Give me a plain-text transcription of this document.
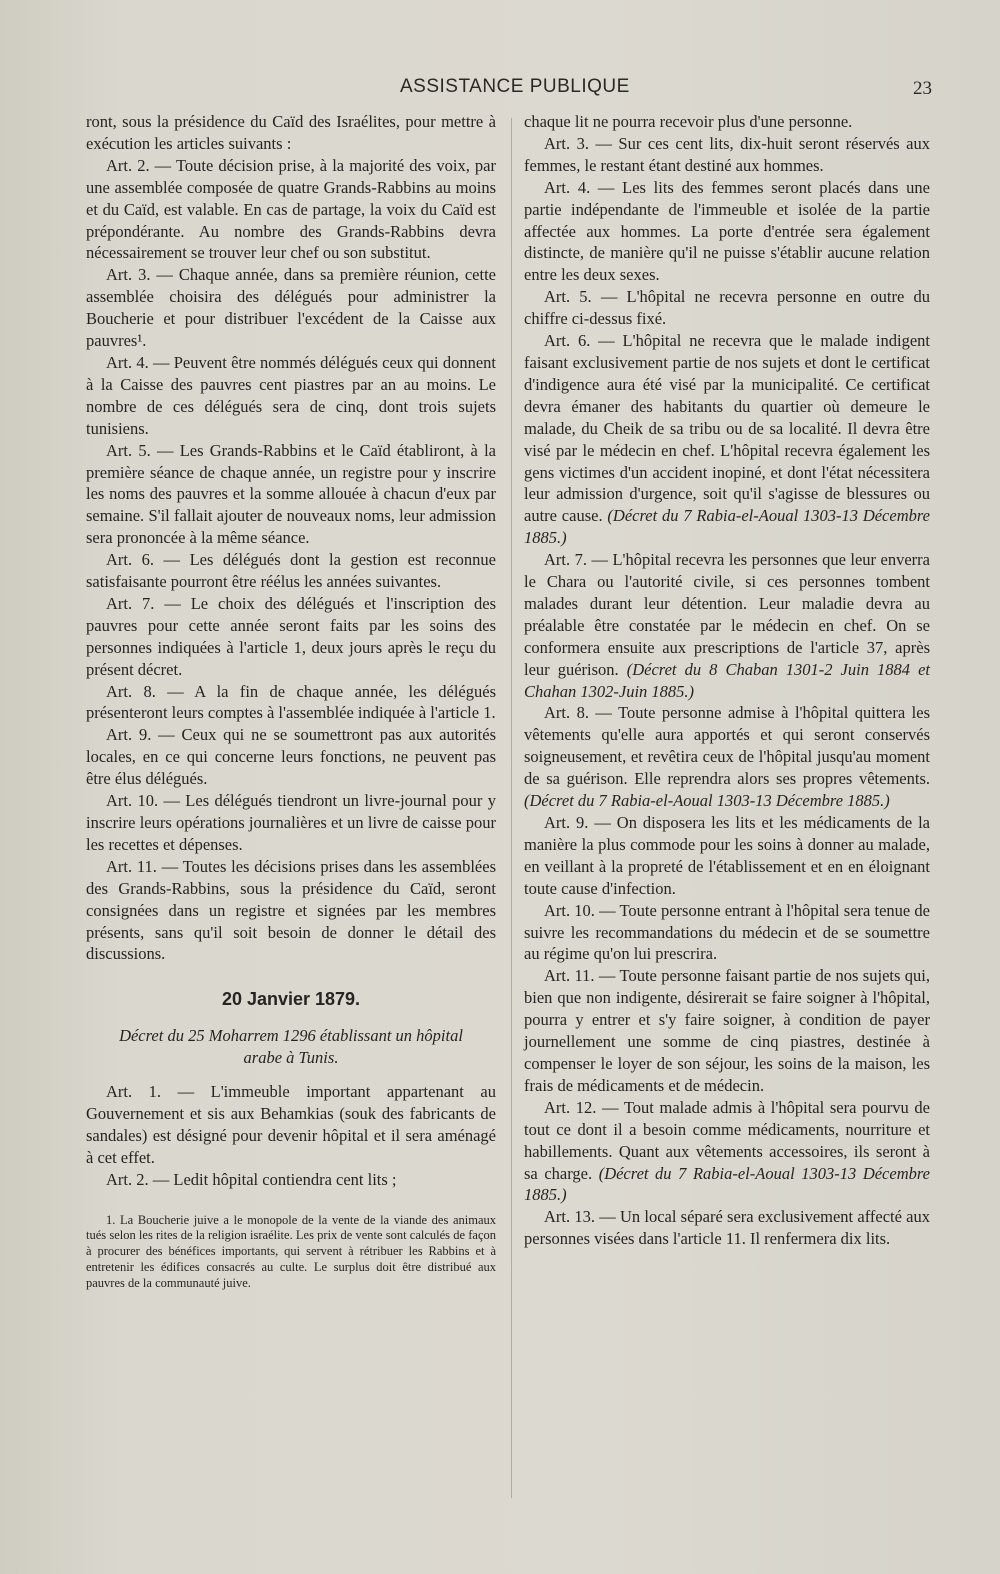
ASSISTANCE PUBLIQUE	23

ront, sous la présidence du Caïd des Israélites, pour mettre à exécution les articles suivants :

Art. 2. — Toute décision prise, à la majorité des voix, par une assemblée composée de quatre Grands-Rabbins au moins et du Caïd, est valable. En cas de partage, la voix du Caïd est prépondérante. Au nombre des Grands-Rabbins devra nécessairement se trouver leur chef ou son substitut.

Art. 3. — Chaque année, dans sa première réunion, cette assemblée choisira des délégués pour administrer la Boucherie et pour distribuer l'excédent de la Caisse aux pauvres¹.

Art. 4. — Peuvent être nommés délégués ceux qui donnent à la Caisse des pauvres cent piastres par an au moins. Le nombre de ces délégués sera de cinq, dont trois sujets tunisiens.

Art. 5. — Les Grands-Rabbins et le Caïd établiront, à la première séance de chaque année, un registre pour y inscrire les noms des pauvres et la somme allouée à chacun d'eux par semaine. S'il fallait ajouter de nouveaux noms, leur admission sera prononcée à la même séance.

Art. 6. — Les délégués dont la gestion est reconnue satisfaisante pourront être réélus les années suivantes.

Art. 7. — Le choix des délégués et l'inscription des pauvres pour cette année seront faits par les soins des personnes indiquées à l'article 1, deux jours après le reçu du présent décret.

Art. 8. — A la fin de chaque année, les délégués présenteront leurs comptes à l'assemblée indiquée à l'article 1.

Art. 9. — Ceux qui ne se soumettront pas aux autorités locales, en ce qui concerne leurs fonctions, ne peuvent pas être élus délégués.

Art. 10. — Les délégués tiendront un livre-journal pour y inscrire leurs opérations journalières et un livre de caisse pour les recettes et dépenses.

Art. 11. — Toutes les décisions prises dans les assemblées des Grands-Rabbins, sous la présidence du Caïd, seront consignées dans un registre et signées par les membres présents, sans qu'il soit besoin de donner le détail des discussions.

20 Janvier 1879.

Décret du 25 Moharrem 1296 établissant un hôpital arabe à Tunis.

Art. 1. — L'immeuble important appartenant au Gouvernement et sis aux Behamkias (souk des fabricants de sandales) est désigné pour devenir hôpital et il sera aménagé à cet effet.

Art. 2. — Ledit hôpital contiendra cent lits ;

1. La Boucherie juive a le monopole de la vente de la viande des animaux tués selon les rites de la religion israélite. Les prix de vente sont calculés de façon à procurer des bénéfices importants, qui servent à rétribuer les Rabbins et à entretenir les édifices consacrés au culte. Le surplus doit être distribué aux pauvres de la communauté juive.

chaque lit ne pourra recevoir plus d'une personne.

Art. 3. — Sur ces cent lits, dix-huit seront réservés aux femmes, le restant étant destiné aux hommes.

Art. 4. — Les lits des femmes seront placés dans une partie indépendante de l'immeuble et isolée de la partie affectée aux hommes. La porte d'entrée sera également distincte, de manière qu'il ne puisse s'établir aucune relation entre les deux sexes.

Art. 5. — L'hôpital ne recevra personne en outre du chiffre ci-dessus fixé.

Art. 6. — L'hôpital ne recevra que le malade indigent faisant exclusivement partie de nos sujets et dont le certificat d'indigence aura été visé par la municipalité. Ce certificat devra émaner des habitants du quartier où demeure le malade, du Cheik de sa tribu ou de sa localité. Il devra être visé par le médecin en chef. L'hôpital recevra également les gens victimes d'un accident inopiné, et dont l'état nécessitera leur admission d'urgence, soit qu'il s'agisse de blessures ou autre cause. (Décret du 7 Rabia-el-Aoual 1303-13 Décembre 1885.)

Art. 7. — L'hôpital recevra les personnes que leur enverra le Chara ou l'autorité civile, si ces personnes tombent malades durant leur détention. Leur maladie devra au préalable être constatée par le médecin en chef. On se conformera ensuite aux prescriptions de l'article 37, après leur guérison. (Décret du 8 Chaban 1301-2 Juin 1884 et Chahan 1302-Juin 1885.)

Art. 8. — Toute personne admise à l'hôpital quittera les vêtements qu'elle aura apportés et qui seront conservés soigneusement, et revêtira ceux de l'hôpital jusqu'au moment de sa guérison. Elle reprendra alors ses propres vêtements. (Décret du 7 Rabia-el-Aoual 1303-13 Décembre 1885.)

Art. 9. — On disposera les lits et les médicaments de la manière la plus commode pour les soins à donner au malade, en veillant à la propreté de l'établissement et en en éloignant toute cause d'infection.

Art. 10. — Toute personne entrant à l'hôpital sera tenue de suivre les recommandations du médecin et de se soumettre au régime qu'on lui prescrira.

Art. 11. — Toute personne faisant partie de nos sujets qui, bien que non indigente, désirerait se faire soigner à l'hôpital, pourra y entrer et s'y faire soigner, à condition de payer journellement une somme de cinq piastres, destinée à compenser le loyer de son séjour, les soins de la maison, les frais de médicaments et de médecin.

Art. 12. — Tout malade admis à l'hôpital sera pourvu de tout ce dont il a besoin comme médicaments, nourriture et habillements. Quant aux vêtements accessoires, ils seront à sa charge. (Décret du 7 Rabia-el-Aoual 1303-13 Décembre 1885.)

Art. 13. — Un local séparé sera exclusivement affecté aux personnes visées dans l'article 11. Il renfermera dix lits.
